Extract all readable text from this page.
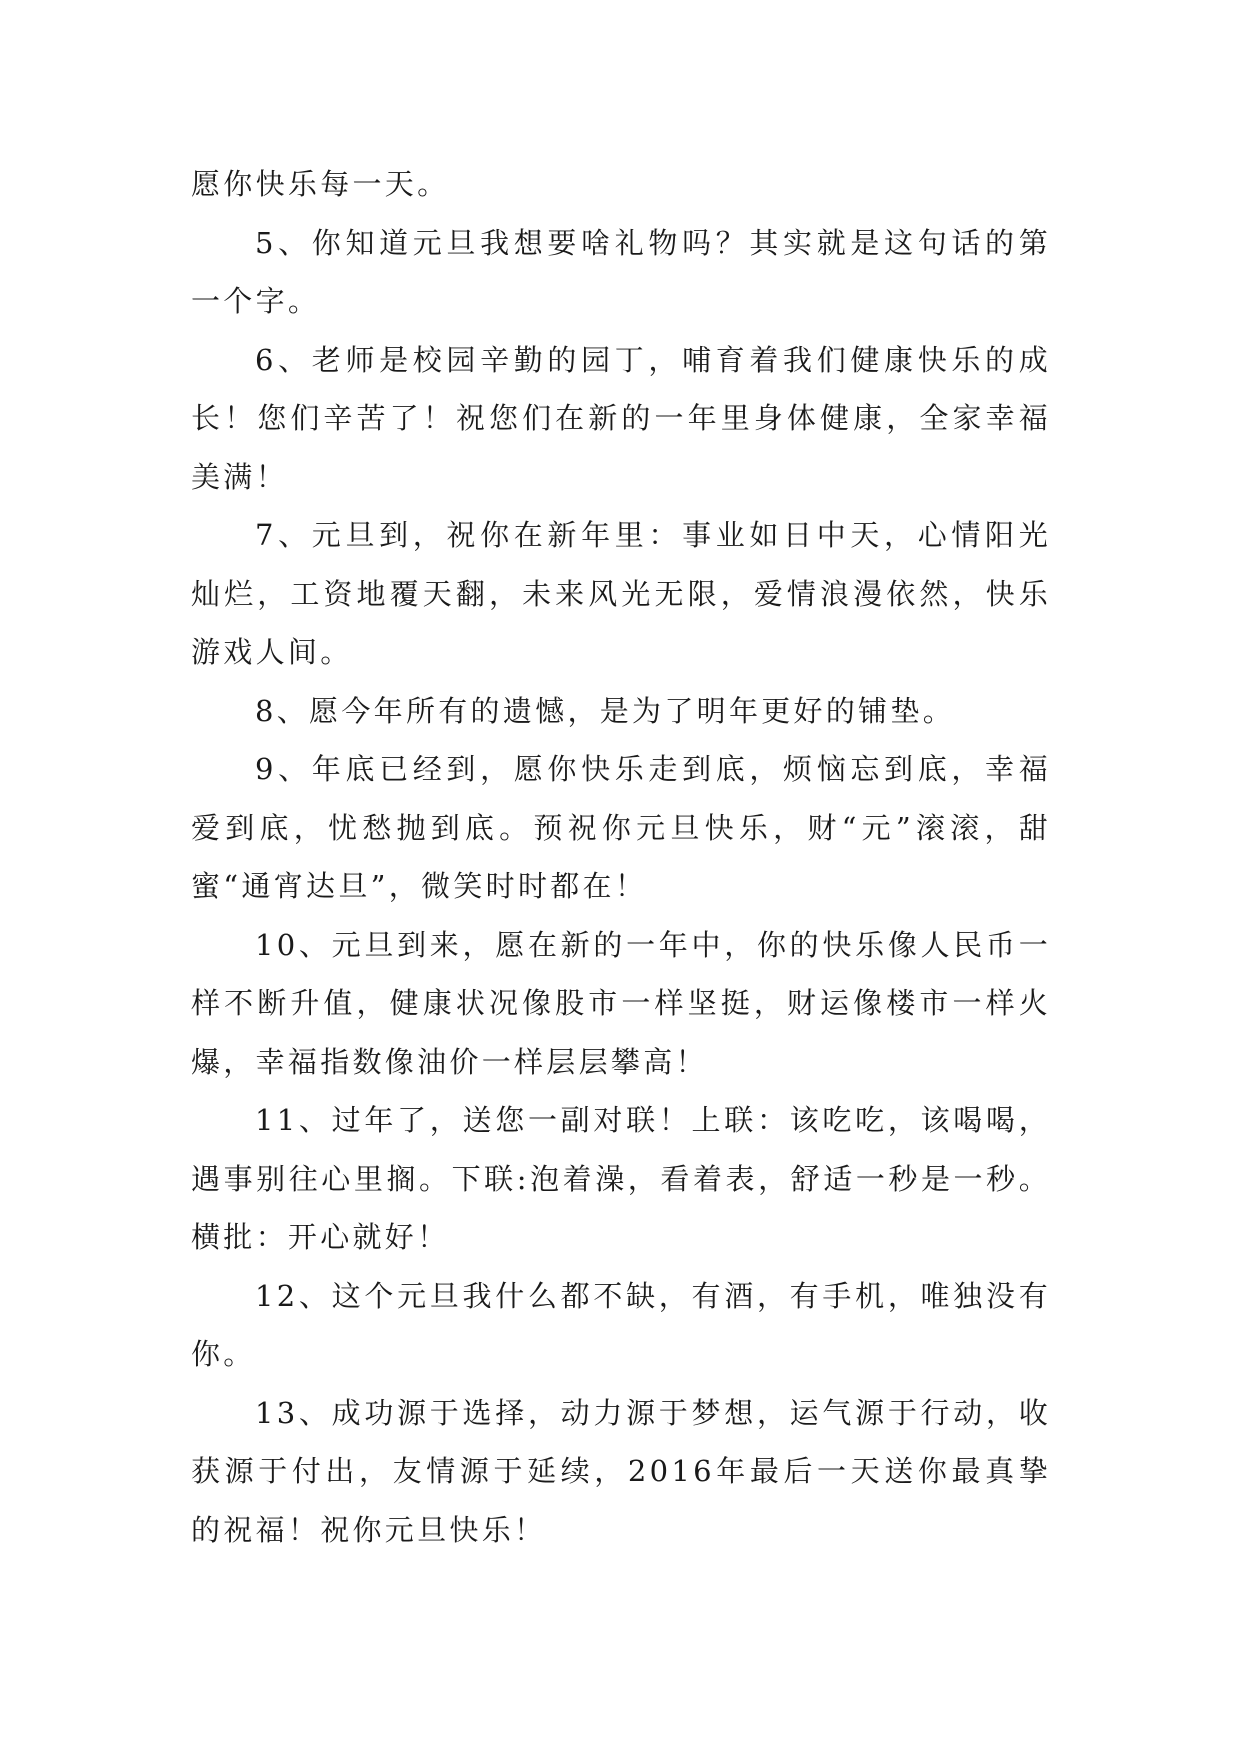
愿你快乐每一天。

5、你知道元旦我想要啥礼物吗？其实就是这句话的第一个字。

6、老师是校园辛勤的园丁，哺育着我们健康快乐的成长！您们辛苦了！祝您们在新的一年里身体健康，全家幸福美满！

7、元旦到，祝你在新年里：事业如日中天，心情阳光灿烂，工资地覆天翻，未来风光无限，爱情浪漫依然，快乐游戏人间。

8、愿今年所有的遗憾，是为了明年更好的铺垫。

9、年底已经到，愿你快乐走到底，烦恼忘到底，幸福爱到底，忧愁抛到底。预祝你元旦快乐，财“元”滚滚，甜蜜“通宵达旦”，微笑时时都在！

10、元旦到来，愿在新的一年中，你的快乐像人民币一样不断升值，健康状况像股市一样坚挺，财运像楼市一样火爆，幸福指数像油价一样层层攀高！

11、过年了，送您一副对联！上联：该吃吃，该喝喝，遇事别往心里搁。下联:泡着澡，看着表，舒适一秒是一秒。横批：开心就好！

12、这个元旦我什么都不缺，有酒，有手机，唯独没有你。

13、成功源于选择，动力源于梦想，运气源于行动，收获源于付出，友情源于延续，2016年最后一天送你最真挚的祝福！祝你元旦快乐！
